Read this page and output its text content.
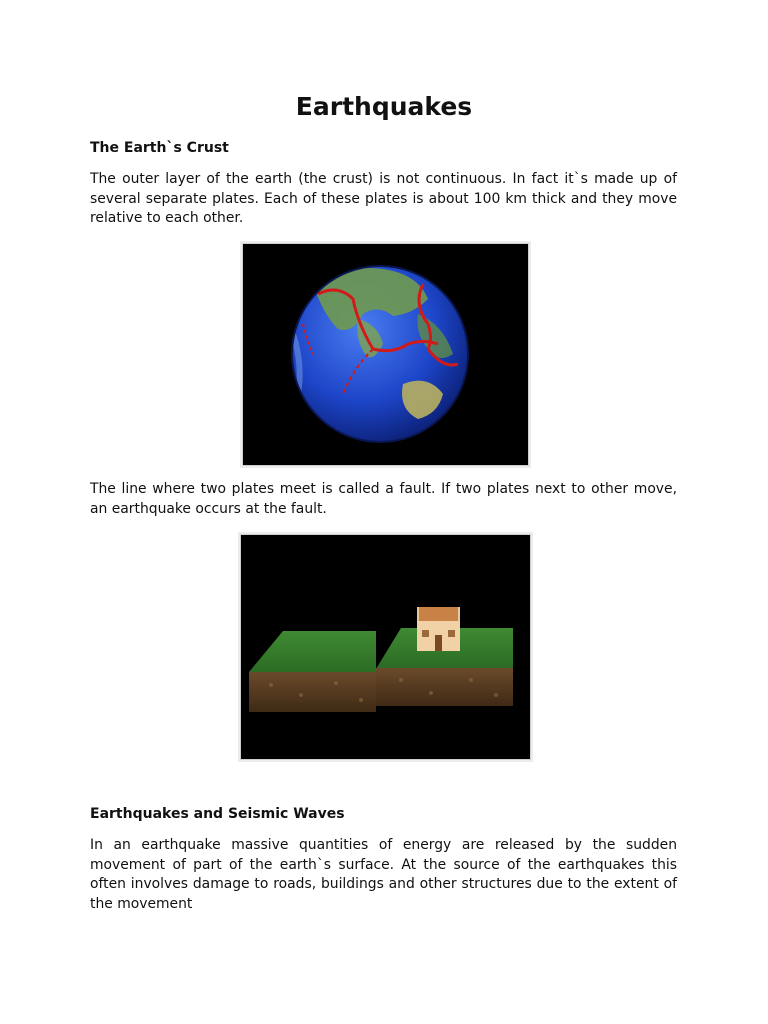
Earthquakes
The Earth`s Crust

The outer layer of the earth (the crust) is not continuous. In fact it`s made up of several separate plates. Each of these plates is about 100 km thick and they move relative to each other.

The line where two plates meet is called a fault. If two plates next to other move, an earthquake occurs at the fault.

Earthquakes and Seismic Waves

In an earthquake massive quantities of energy are released by the sudden movement of part of the earth`s surface. At the source of the earthquakes this often involves damage to roads, buildings and other structures due to the extent of the movement
